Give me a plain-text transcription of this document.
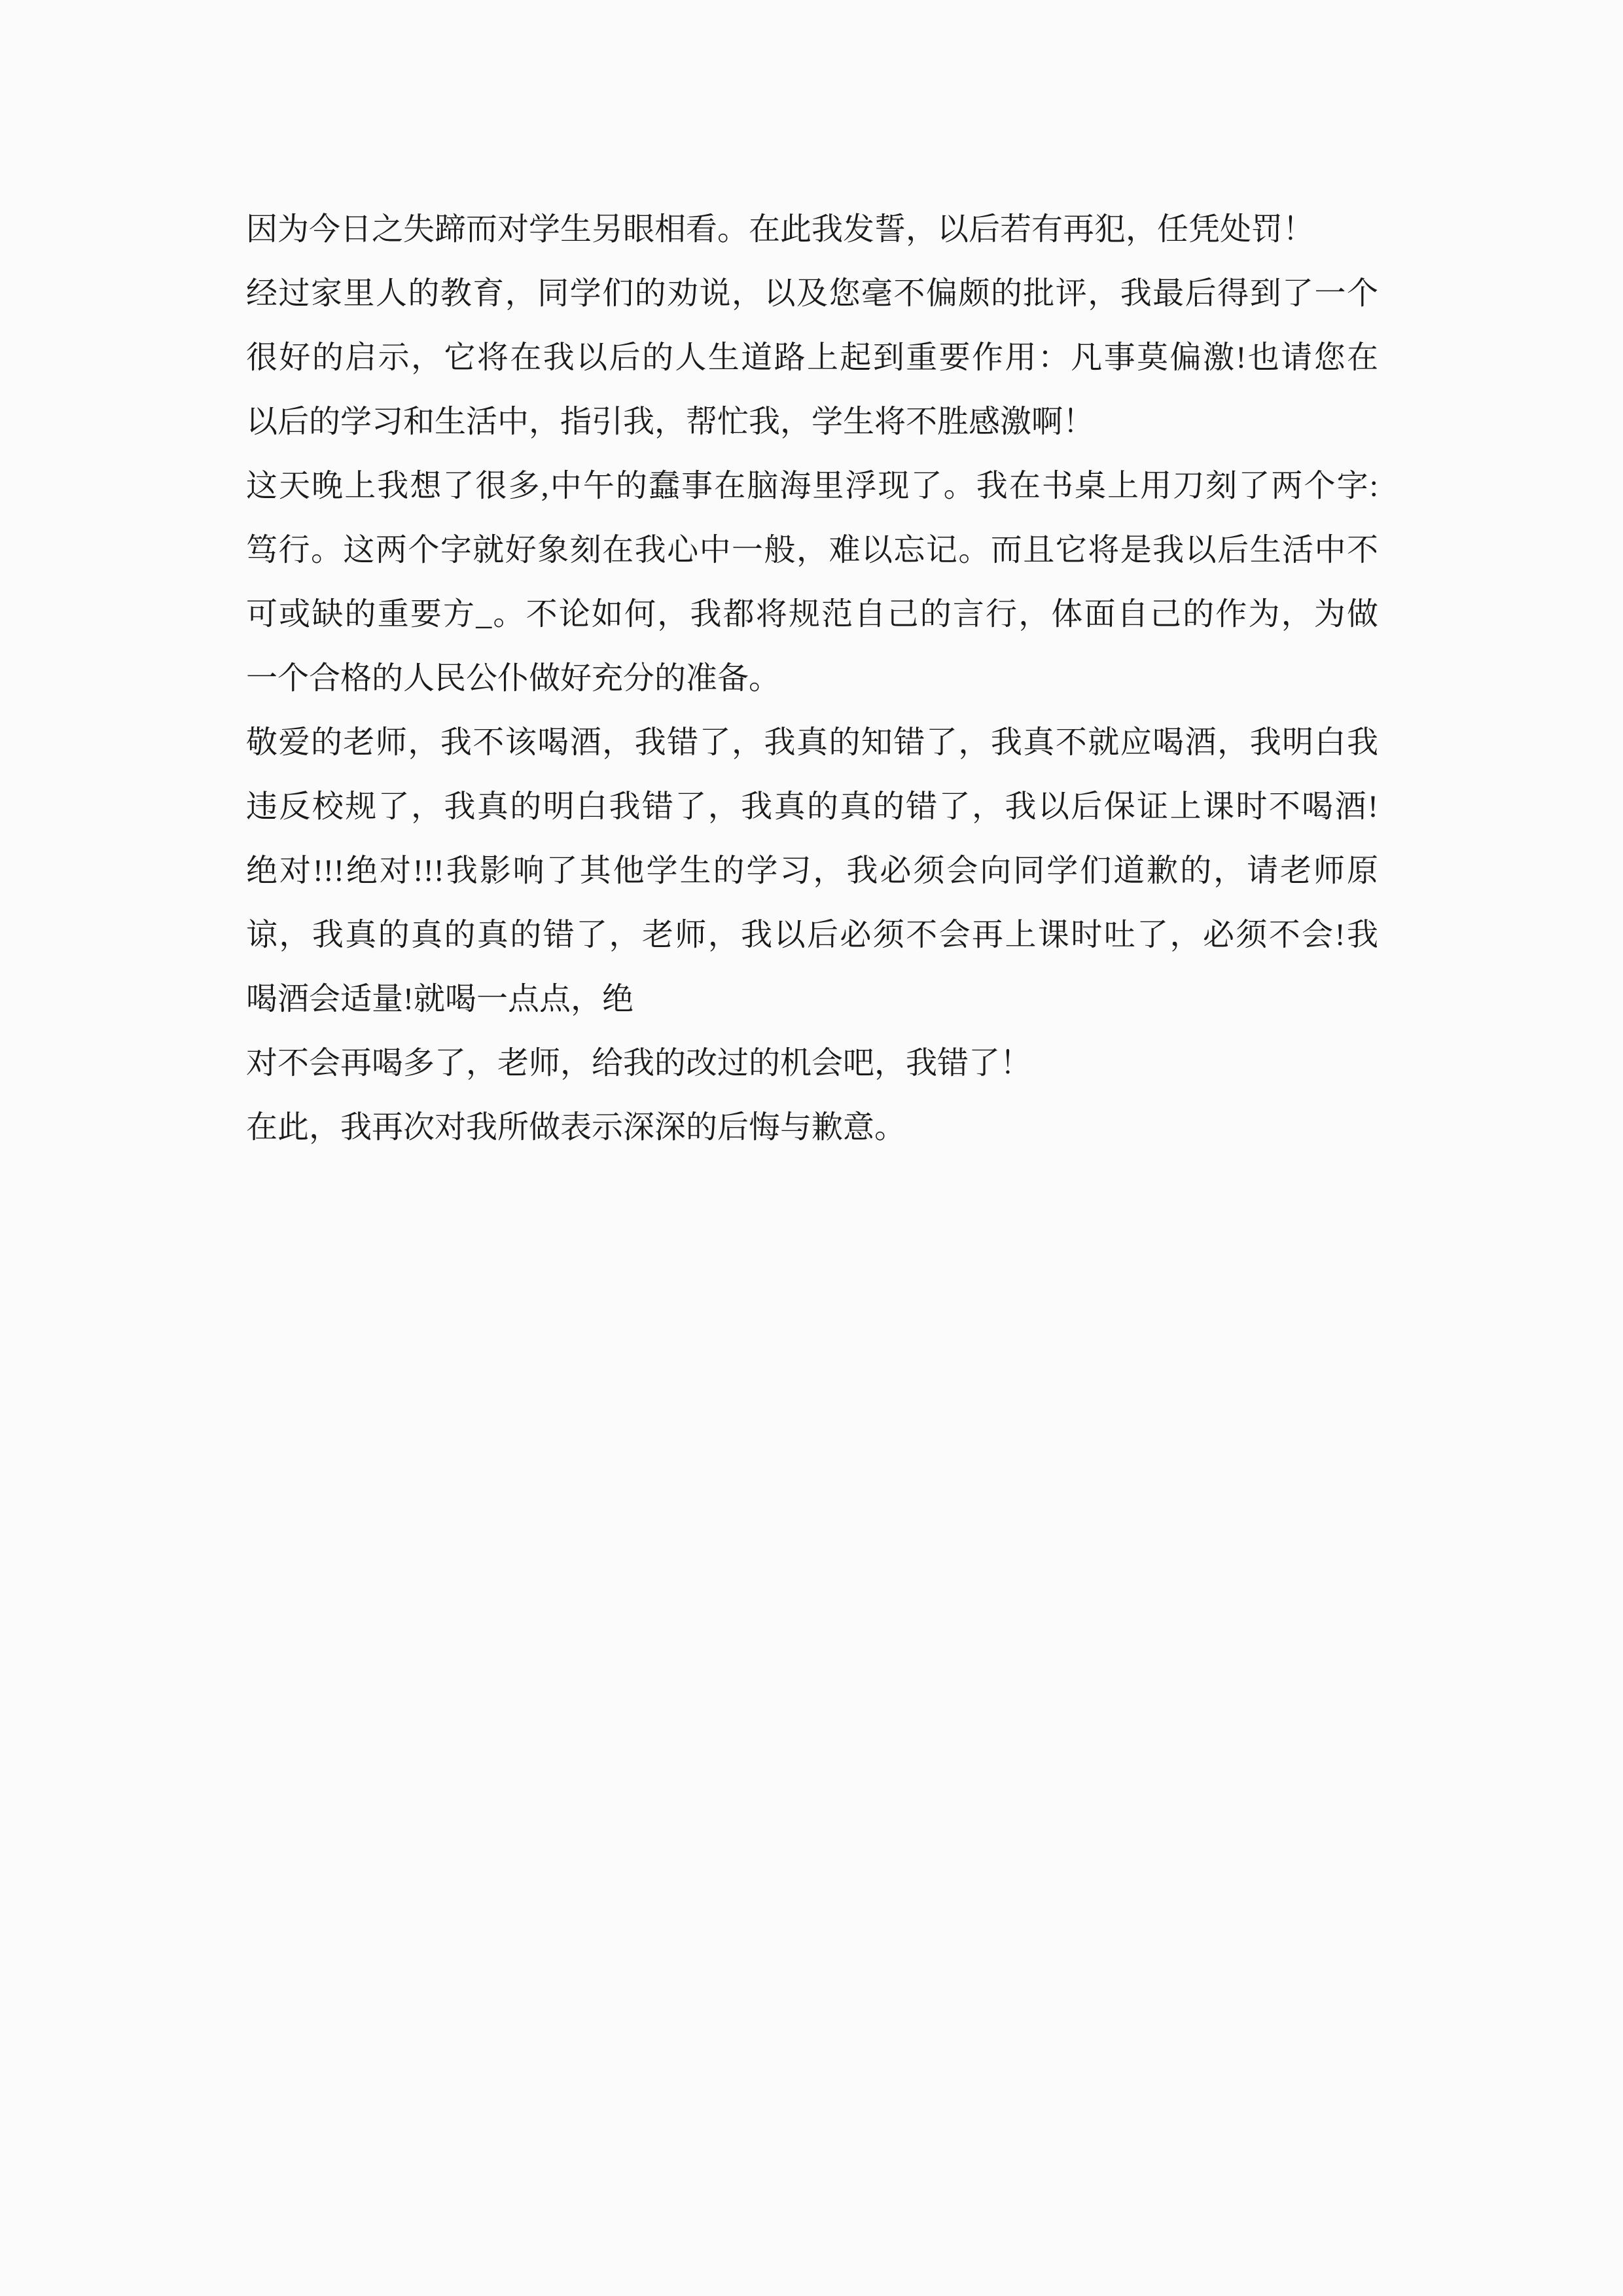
因为今日之失蹄而对学生另眼相看。在此我发誓，以后若有再犯，任凭处罚！
经过家里人的教育，同学们的劝说，以及您毫不偏颇的批评，我最后得到了一个
很好的启示，它将在我以后的人生道路上起到重要作用：凡事莫偏激!也请您在
以后的学习和生活中，指引我，帮忙我，学生将不胜感激啊！
这天晚上我想了很多,中午的蠢事在脑海里浮现了。我在书桌上用刀刻了两个字:
笃行。这两个字就好象刻在我心中一般，难以忘记。而且它将是我以后生活中不
可或缺的重要方_。不论如何，我都将规范自己的言行，体面自己的作为，为做
一个合格的人民公仆做好充分的准备。
敬爱的老师，我不该喝酒，我错了，我真的知错了，我真不就应喝酒，我明白我
违反校规了，我真的明白我错了，我真的真的错了，我以后保证上课时不喝酒!
绝对!!!绝对!!!我影响了其他学生的学习，我必须会向同学们道歉的，请老师原
谅，我真的真的真的错了，老师，我以后必须不会再上课时吐了，必须不会!我
喝酒会适量!就喝一点点，绝
对不会再喝多了，老师，给我的改过的机会吧，我错了！
在此，我再次对我所做表示深深的后悔与歉意。
